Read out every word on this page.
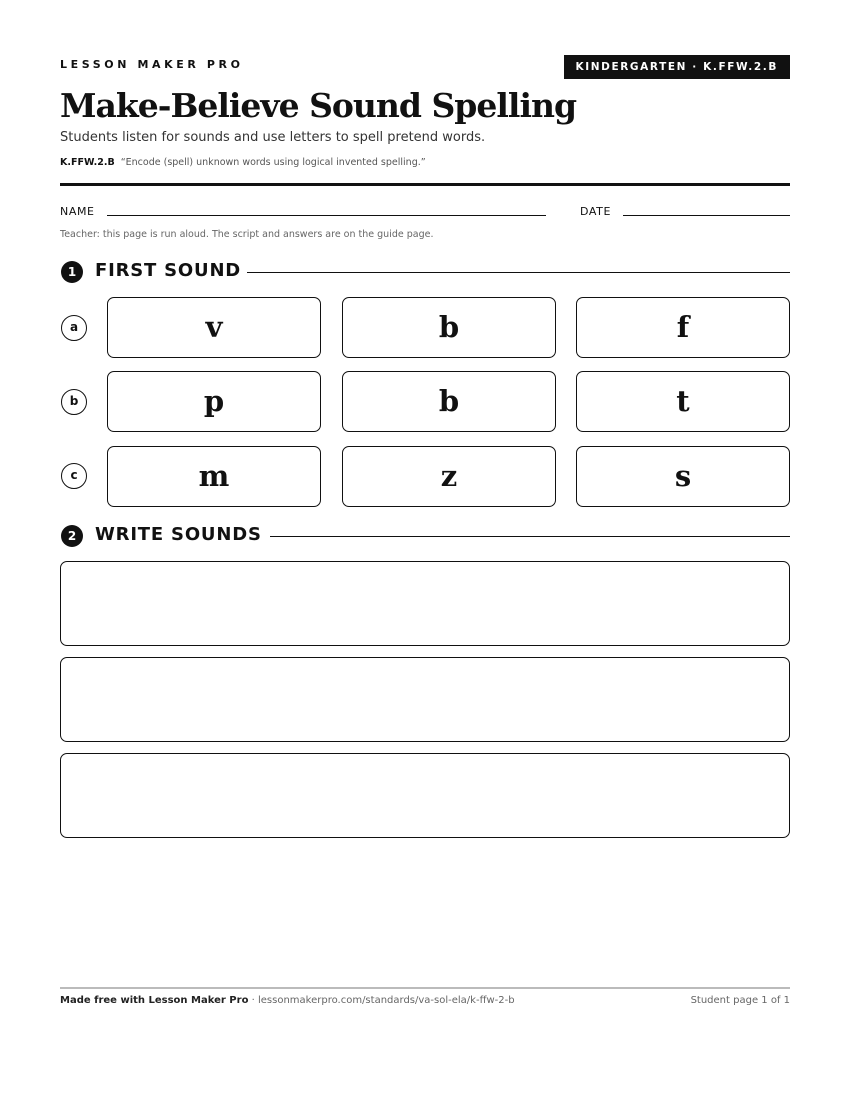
LESSON MAKER PRO	KINDERGARTEN · K.FFW.2.B
Make-Believe Sound Spelling
Students listen for sounds and use letters to spell pretend words.
K.FFW.2.B “Encode (spell) unknown words using logical invented spelling.”
NAME	DATE
Teacher: this page is run aloud. The script and answers are on the guide page.
1	FIRST SOUND
a	v	b	f
b	p	b	t
c	m	z	s
2	WRITE SOUNDS
Made free with Lesson Maker Pro · lessonmakerpro.com/standards/va-sol-ela/k-ffw-2-b	Student page 1 of 1
